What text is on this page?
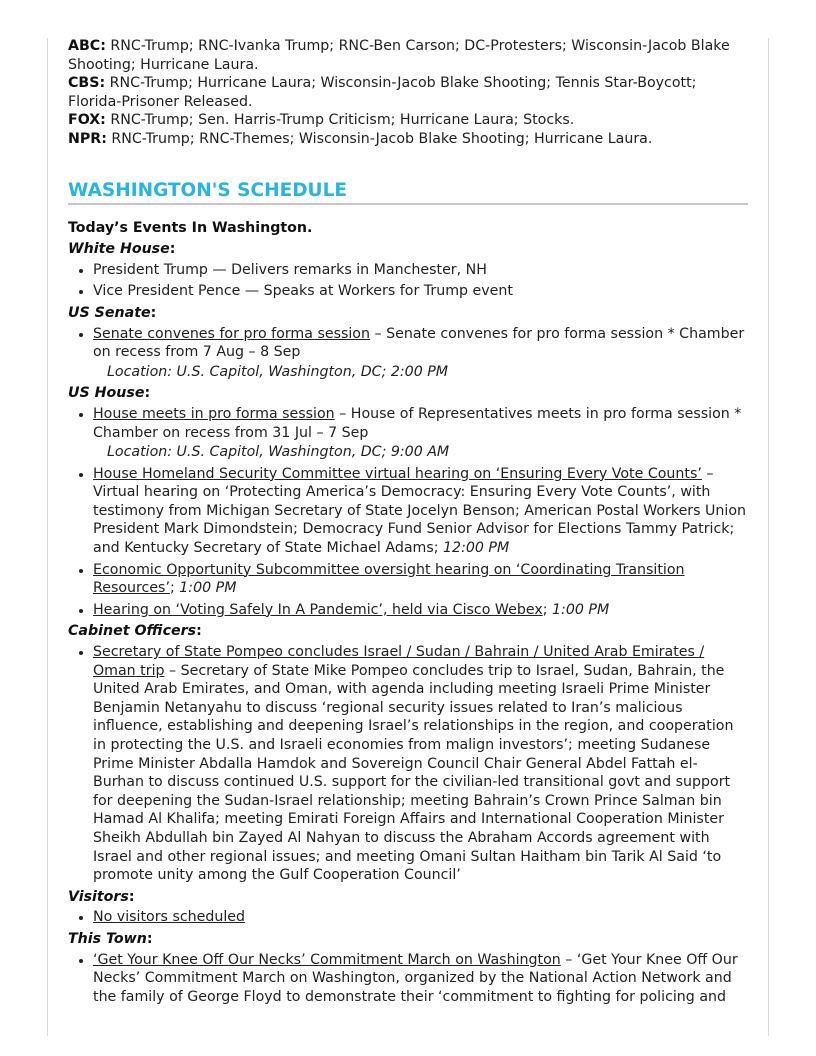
ABC: RNC-Trump; RNC-Ivanka Trump; RNC-Ben Carson; DC-Protesters; Wisconsin-Jacob Blake Shooting; Hurricane Laura.

CBS: RNC-Trump; Hurricane Laura; Wisconsin-Jacob Blake Shooting; Tennis Star-Boycott; Florida-Prisoner Released.

FOX: RNC-Trump; Sen. Harris-Trump Criticism; Hurricane Laura; Stocks.

NPR: RNC-Trump; RNC-Themes; Wisconsin-Jacob Blake Shooting; Hurricane Laura.

WASHINGTON'S SCHEDULE
Today’s Events In Washington.
White House:
• President Trump — Delivers remarks in Manchester, NH
• Vice President Pence — Speaks at Workers for Trump event
US Senate:
• Senate convenes for pro forma session – Senate convenes for pro forma session * Chamber on recess from 7 Aug – 8 Sep
Location: U.S. Capitol, Washington, DC; 2:00 PM
US House:
• House meets in pro forma session – House of Representatives meets in pro forma session * Chamber on recess from 31 Jul – 7 Sep
Location: U.S. Capitol, Washington, DC; 9:00 AM
• House Homeland Security Committee virtual hearing on ‘Ensuring Every Vote Counts’ – Virtual hearing on ‘Protecting America’s Democracy: Ensuring Every Vote Counts’, with testimony from Michigan Secretary of State Jocelyn Benson; American Postal Workers Union President Mark Dimondstein; Democracy Fund Senior Advisor for Elections Tammy Patrick; and Kentucky Secretary of State Michael Adams; 12:00 PM
• Economic Opportunity Subcommittee oversight hearing on ‘Coordinating Transition Resources’; 1:00 PM
• Hearing on ‘Voting Safely In A Pandemic’, held via Cisco Webex; 1:00 PM
Cabinet Officers:
• Secretary of State Pompeo concludes Israel / Sudan / Bahrain / United Arab Emirates / Oman trip – Secretary of State Mike Pompeo concludes trip to Israel, Sudan, Bahrain, the United Arab Emirates, and Oman, with agenda including meeting Israeli Prime Minister Benjamin Netanyahu to discuss ‘regional security issues related to Iran’s malicious influence, establishing and deepening Israel’s relationships in the region, and cooperation in protecting the U.S. and Israeli economies from malign investors’; meeting Sudanese Prime Minister Abdalla Hamdok and Sovereign Council Chair General Abdel Fattah el-Burhan to discuss continued U.S. support for the civilian-led transitional govt and support for deepening the Sudan-Israel relationship; meeting Bahrain’s Crown Prince Salman bin Hamad Al Khalifa; meeting Emirati Foreign Affairs and International Cooperation Minister Sheikh Abdullah bin Zayed Al Nahyan to discuss the Abraham Accords agreement with Israel and other regional issues; and meeting Omani Sultan Haitham bin Tarik Al Said ‘to promote unity among the Gulf Cooperation Council’
Visitors:
• No visitors scheduled
This Town:
• ‘Get Your Knee Off Our Necks’ Commitment March on Washington – ‘Get Your Knee Off Our Necks’ Commitment March on Washington, organized by the National Action Network and the family of George Floyd to demonstrate their ‘commitment to fighting for policing and
